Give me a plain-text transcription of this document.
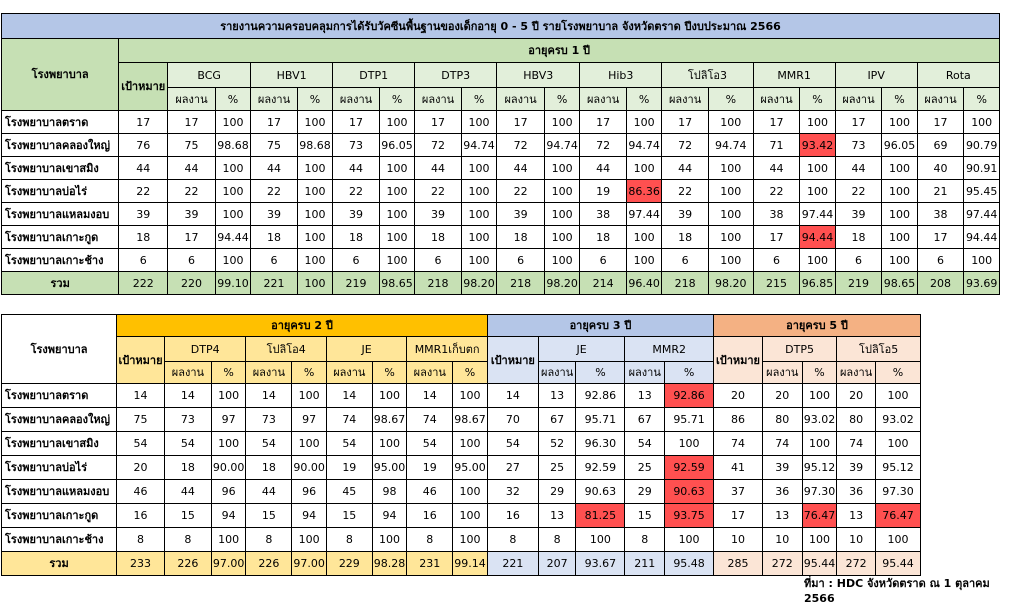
รายงานความครอบคลุมการได้รับวัคซีนพื้นฐานของเด็กอายุ 0 - 5 ปี รายโรงพยาบาล จังหวัดตราด ปีงบประมาณ 2566																					
โรงพยาบาล	อายุครบ 1 ปี																				
	เป้าหมาย	BCG		HBV1		DTP1		DTP3		HBV3		Hib3		โปลิโอ3		MMR1		IPV		Rota	
		ผลงาน	%	ผลงาน	%	ผลงาน	%	ผลงาน	%	ผลงาน	%	ผลงาน	%	ผลงาน	%	ผลงาน	%	ผลงาน	%	ผลงาน	%
โรงพยาบาลตราด	17	17	100	17	100	17	100	17	100	17	100	17	100	17	100	17	100	17	100	17	100
โรงพยาบาลคลองใหญ่	76	75	98.68	75	98.68	73	96.05	72	94.74	72	94.74	72	94.74	72	94.74	71	93.42	73	96.05	69	90.79
โรงพยาบาลเขาสมิง	44	44	100	44	100	44	100	44	100	44	100	44	100	44	100	44	100	44	100	40	90.91
โรงพยาบาลบ่อไร่	22	22	100	22	100	22	100	22	100	22	100	19	86.36	22	100	22	100	22	100	21	95.45
โรงพยาบาลแหลมงอบ	39	39	100	39	100	39	100	39	100	39	100	38	97.44	39	100	38	97.44	39	100	38	97.44
โรงพยาบาลเกาะกูด	18	17	94.44	18	100	18	100	18	100	18	100	18	100	18	100	17	94.44	18	100	17	94.44
โรงพยาบาลเกาะช้าง	6	6	100	6	100	6	100	6	100	6	100	6	100	6	100	6	100	6	100	6	100
รวม	222	220	99.10	221	100	219	98.65	218	98.20	218	98.20	214	96.40	218	98.20	215	96.85	219	98.65	208	93.69
โรงพยาบาล	อายุครบ 2 ปี									อายุครบ 3 ปี					อายุครบ 5 ปี				
	เป้าหมาย	DTP4		โปลิโอ4		JE		MMR1เก็บตก		เป้าหมาย	JE		MMR2		เป้าหมาย	DTP5		โปลิโอ5	
		ผลงาน	%	ผลงาน	%	ผลงาน	%	ผลงาน	%		ผลงาน	%	ผลงาน	%		ผลงาน	%	ผลงาน	%
โรงพยาบาลตราด	14	14	100	14	100	14	100	14	100	14	13	92.86	13	92.86	20	20	100	20	100
โรงพยาบาลคลองใหญ่	75	73	97	73	97	74	98.67	74	98.67	70	67	95.71	67	95.71	86	80	93.02	80	93.02
โรงพยาบาลเขาสมิง	54	54	100	54	100	54	100	54	100	54	52	96.30	54	100	74	74	100	74	100
โรงพยาบาลบ่อไร่	20	18	90.00	18	90.00	19	95.00	19	95.00	27	25	92.59	25	92.59	41	39	95.12	39	95.12
โรงพยาบาลแหลมงอบ	46	44	96	44	96	45	98	46	100	32	29	90.63	29	90.63	37	36	97.30	36	97.30
โรงพยาบาลเกาะกูด	16	15	94	15	94	15	94	16	100	16	13	81.25	15	93.75	17	13	76.47	13	76.47
โรงพยาบาลเกาะช้าง	8	8	100	8	100	8	100	8	100	8	8	100	8	100	10	10	100	10	100
รวม	233	226	97.00	226	97.00	229	98.28	231	99.14	221	207	93.67	211	95.48	285	272	95.44	272	95.44
ที่มา : HDC จังหวัดตราด ณ 1 ตุลาคม 2566
